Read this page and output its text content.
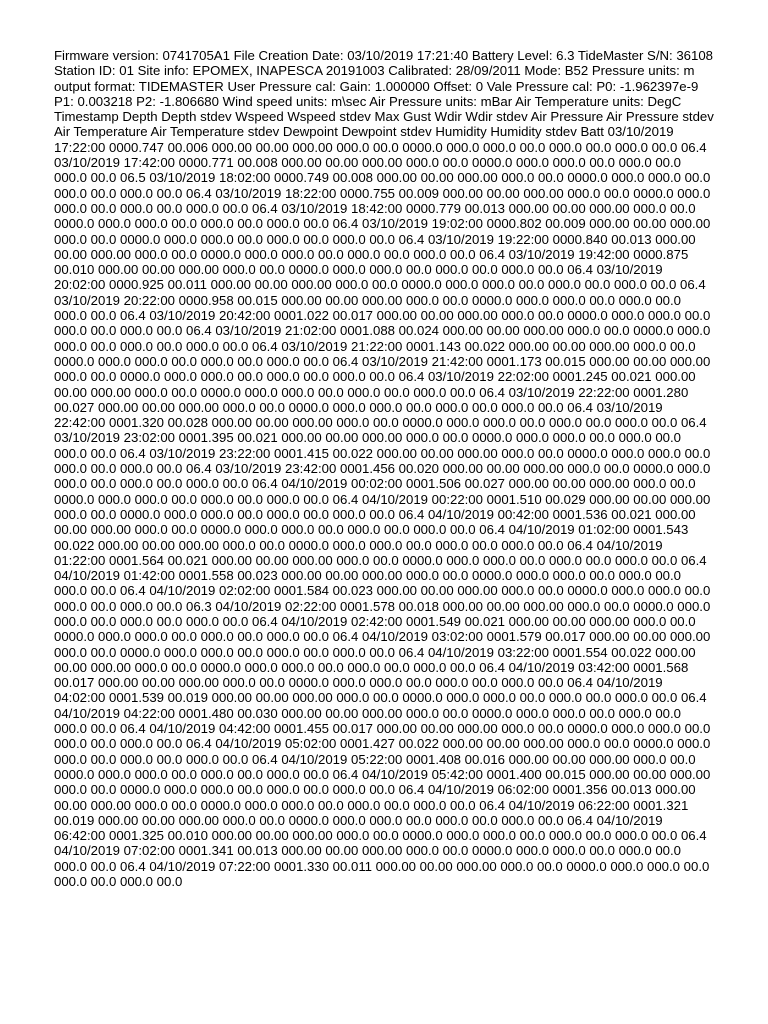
Firmware version: 0741705A1 File Creation Date: 03/10/2019 17:21:40 Battery Level: 6.3 TideMaster S/N: 36108 Station ID: 01 Site info: EPOMEX, INAPESCA 20191003 Calibrated: 28/09/2011 Mode: B52 Pressure units: m output format: TIDEMASTER User Pressure cal: Gain: 1.000000 Offset: 0 Vale Pressure cal: P0: -1.962397e-9 P1: 0.003218 P2: -1.806680 Wind speed units: m\sec Air Pressure units: mBar Air Temperature units: DegC Timestamp Depth Depth stdev Wspeed Wspeed stdev Max Gust Wdir Wdir stdev Air Pressure Air Pressure stdev Air Temperature Air Temperature stdev Dewpoint Dewpoint stdev Humidity Humidity stdev Batt 03/10/2019 17:22:00 0000.747 00.006 000.00 00.00 000.00 000.0 00.0 0000.0 000.0 000.0 00.0 000.0 00.0 000.0 00.0 06.4 03/10/2019 17:42:00 0000.771 00.008 000.00 00.00 000.00 000.0 00.0 0000.0 000.0 000.0 00.0 000.0 00.0 000.0 00.0 06.5 03/10/2019 18:02:00 0000.749 00.008 000.00 00.00 000.00 000.0 00.0 0000.0 000.0 000.0 00.0 000.0 00.0 000.0 00.0 06.4 03/10/2019 18:22:00 0000.755 00.009 000.00 00.00 000.00 000.0 00.0 0000.0 000.0 000.0 00.0 000.0 00.0 000.0 00.0 06.4 03/10/2019 18:42:00 0000.779 00.013 000.00 00.00 000.00 000.0 00.0 0000.0 000.0 000.0 00.0 000.0 00.0 000.0 00.0 06.4 03/10/2019 19:02:00 0000.802 00.009 000.00 00.00 000.00 000.0 00.0 0000.0 000.0 000.0 00.0 000.0 00.0 000.0 00.0 06.4 03/10/2019 19:22:00 0000.840 00.013 000.00 00.00 000.00 000.0 00.0 0000.0 000.0 000.0 00.0 000.0 00.0 000.0 00.0 06.4 03/10/2019 19:42:00 0000.875 00.010 000.00 00.00 000.00 000.0 00.0 0000.0 000.0 000.0 00.0 000.0 00.0 000.0 00.0 06.4 03/10/2019 20:02:00 0000.925 00.011 000.00 00.00 000.00 000.0 00.0 0000.0 000.0 000.0 00.0 000.0 00.0 000.0 00.0 06.4 03/10/2019 20:22:00 0000.958 00.015 000.00 00.00 000.00 000.0 00.0 0000.0 000.0 000.0 00.0 000.0 00.0 000.0 00.0 06.4 03/10/2019 20:42:00 0001.022 00.017 000.00 00.00 000.00 000.0 00.0 0000.0 000.0 000.0 00.0 000.0 00.0 000.0 00.0 06.4 03/10/2019 21:02:00 0001.088 00.024 000.00 00.00 000.00 000.0 00.0 0000.0 000.0 000.0 00.0 000.0 00.0 000.0 00.0 06.4 03/10/2019 21:22:00 0001.143 00.022 000.00 00.00 000.00 000.0 00.0 0000.0 000.0 000.0 00.0 000.0 00.0 000.0 00.0 06.4 03/10/2019 21:42:00 0001.173 00.015 000.00 00.00 000.00 000.0 00.0 0000.0 000.0 000.0 00.0 000.0 00.0 000.0 00.0 06.4 03/10/2019 22:02:00 0001.245 00.021 000.00 00.00 000.00 000.0 00.0 0000.0 000.0 000.0 00.0 000.0 00.0 000.0 00.0 06.4 03/10/2019 22:22:00 0001.280 00.027 000.00 00.00 000.00 000.0 00.0 0000.0 000.0 000.0 00.0 000.0 00.0 000.0 00.0 06.4 03/10/2019 22:42:00 0001.320 00.028 000.00 00.00 000.00 000.0 00.0 0000.0 000.0 000.0 00.0 000.0 00.0 000.0 00.0 06.4 03/10/2019 23:02:00 0001.395 00.021 000.00 00.00 000.00 000.0 00.0 0000.0 000.0 000.0 00.0 000.0 00.0 000.0 00.0 06.4 03/10/2019 23:22:00 0001.415 00.022 000.00 00.00 000.00 000.0 00.0 0000.0 000.0 000.0 00.0 000.0 00.0 000.0 00.0 06.4 03/10/2019 23:42:00 0001.456 00.020 000.00 00.00 000.00 000.0 00.0 0000.0 000.0 000.0 00.0 000.0 00.0 000.0 00.0 06.4 04/10/2019 00:02:00 0001.506 00.027 000.00 00.00 000.00 000.0 00.0 0000.0 000.0 000.0 00.0 000.0 00.0 000.0 00.0 06.4 04/10/2019 00:22:00 0001.510 00.029 000.00 00.00 000.00 000.0 00.0 0000.0 000.0 000.0 00.0 000.0 00.0 000.0 00.0 06.4 04/10/2019 00:42:00 0001.536 00.021 000.00 00.00 000.00 000.0 00.0 0000.0 000.0 000.0 00.0 000.0 00.0 000.0 00.0 06.4 04/10/2019 01:02:00 0001.543 00.022 000.00 00.00 000.00 000.0 00.0 0000.0 000.0 000.0 00.0 000.0 00.0 000.0 00.0 06.4 04/10/2019 01:22:00 0001.564 00.021 000.00 00.00 000.00 000.0 00.0 0000.0 000.0 000.0 00.0 000.0 00.0 000.0 00.0 06.4 04/10/2019 01:42:00 0001.558 00.023 000.00 00.00 000.00 000.0 00.0 0000.0 000.0 000.0 00.0 000.0 00.0 000.0 00.0 06.4 04/10/2019 02:02:00 0001.584 00.023 000.00 00.00 000.00 000.0 00.0 0000.0 000.0 000.0 00.0 000.0 00.0 000.0 00.0 06.3 04/10/2019 02:22:00 0001.578 00.018 000.00 00.00 000.00 000.0 00.0 0000.0 000.0 000.0 00.0 000.0 00.0 000.0 00.0 06.4 04/10/2019 02:42:00 0001.549 00.021 000.00 00.00 000.00 000.0 00.0 0000.0 000.0 000.0 00.0 000.0 00.0 000.0 00.0 06.4 04/10/2019 03:02:00 0001.579 00.017 000.00 00.00 000.00 000.0 00.0 0000.0 000.0 000.0 00.0 000.0 00.0 000.0 00.0 06.4 04/10/2019 03:22:00 0001.554 00.022 000.00 00.00 000.00 000.0 00.0 0000.0 000.0 000.0 00.0 000.0 00.0 000.0 00.0 06.4 04/10/2019 03:42:00 0001.568 00.017 000.00 00.00 000.00 000.0 00.0 0000.0 000.0 000.0 00.0 000.0 00.0 000.0 00.0 06.4 04/10/2019 04:02:00 0001.539 00.019 000.00 00.00 000.00 000.0 00.0 0000.0 000.0 000.0 00.0 000.0 00.0 000.0 00.0 06.4 04/10/2019 04:22:00 0001.480 00.030 000.00 00.00 000.00 000.0 00.0 0000.0 000.0 000.0 00.0 000.0 00.0 000.0 00.0 06.4 04/10/2019 04:42:00 0001.455 00.017 000.00 00.00 000.00 000.0 00.0 0000.0 000.0 000.0 00.0 000.0 00.0 000.0 00.0 06.4 04/10/2019 05:02:00 0001.427 00.022 000.00 00.00 000.00 000.0 00.0 0000.0 000.0 000.0 00.0 000.0 00.0 000.0 00.0 06.4 04/10/2019 05:22:00 0001.408 00.016 000.00 00.00 000.00 000.0 00.0 0000.0 000.0 000.0 00.0 000.0 00.0 000.0 00.0 06.4 04/10/2019 05:42:00 0001.400 00.015 000.00 00.00 000.00 000.0 00.0 0000.0 000.0 000.0 00.0 000.0 00.0 000.0 00.0 06.4 04/10/2019 06:02:00 0001.356 00.013 000.00 00.00 000.00 000.0 00.0 0000.0 000.0 000.0 00.0 000.0 00.0 000.0 00.0 06.4 04/10/2019 06:22:00 0001.321 00.019 000.00 00.00 000.00 000.0 00.0 0000.0 000.0 000.0 00.0 000.0 00.0 000.0 00.0 06.4 04/10/2019 06:42:00 0001.325 00.010 000.00 00.00 000.00 000.0 00.0 0000.0 000.0 000.0 00.0 000.0 00.0 000.0 00.0 06.4 04/10/2019 07:02:00 0001.341 00.013 000.00 00.00 000.00 000.0 00.0 0000.0 000.0 000.0 00.0 000.0 00.0 000.0 00.0 06.4 04/10/2019 07:22:00 0001.330 00.011 000.00 00.00 000.00 000.0 00.0 0000.0 000.0 000.0 00.0 000.0 00.0 000.0 00.0
